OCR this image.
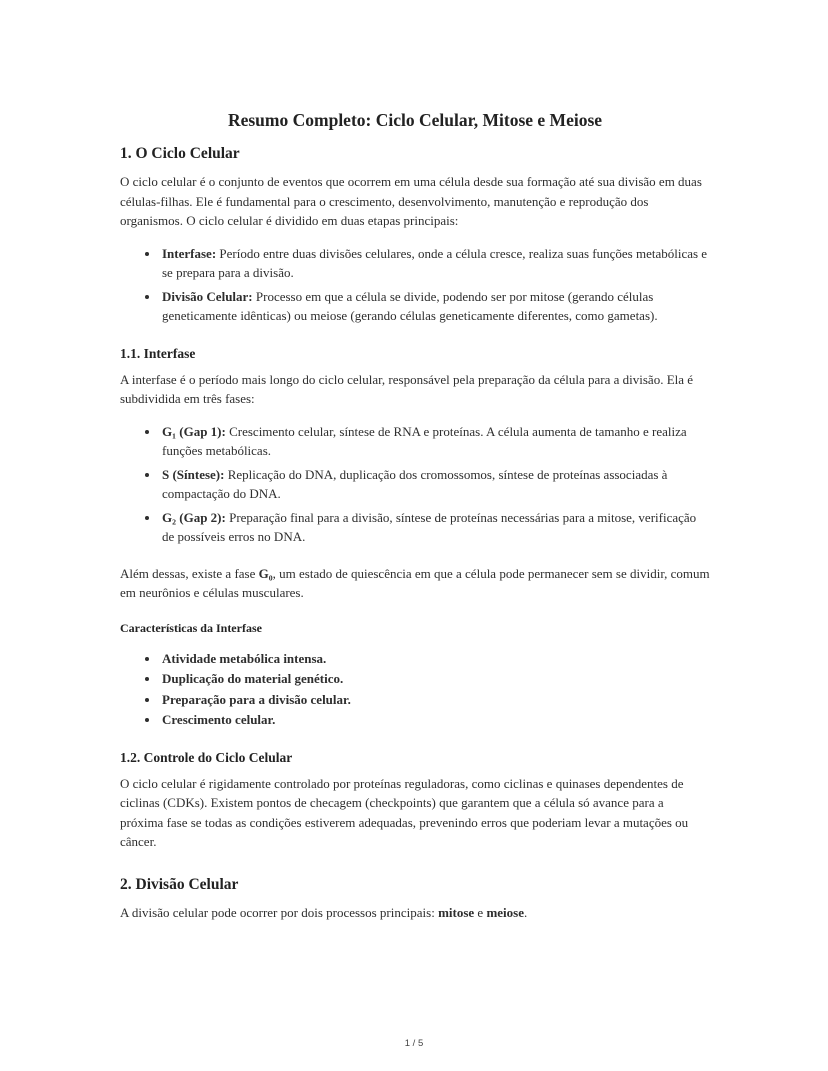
Resumo Completo: Ciclo Celular, Mitose e Meiose
1. O Ciclo Celular

O ciclo celular é o conjunto de eventos que ocorrem em uma célula desde sua formação até sua divisão em duas células-filhas. Ele é fundamental para o crescimento, desenvolvimento, manutenção e reprodução dos organismos. O ciclo celular é dividido em duas etapas principais:

• Interfase: Período entre duas divisões celulares, onde a célula cresce, realiza suas funções metabólicas e se prepara para a divisão.
• Divisão Celular: Processo em que a célula se divide, podendo ser por mitose (gerando células geneticamente idênticas) ou meiose (gerando células geneticamente diferentes, como gametas).
1.1. Interfase

A interfase é o período mais longo do ciclo celular, responsável pela preparação da célula para a divisão. Ela é subdividida em três fases:

• G₁ (Gap 1): Crescimento celular, síntese de RNA e proteínas. A célula aumenta de tamanho e realiza funções metabólicas.
• S (Síntese): Replicação do DNA, duplicação dos cromossomos, síntese de proteínas associadas à compactação do DNA.
• G₂ (Gap 2): Preparação final para a divisão, síntese de proteínas necessárias para a mitose, verificação de possíveis erros no DNA.

Além dessas, existe a fase G₀, um estado de quiescência em que a célula pode permanecer sem se dividir, comum em neurônios e células musculares.

Características da Interfase
• Atividade metabólica intensa.
• Duplicação do material genético.
• Preparação para a divisão celular.
• Crescimento celular.
1.2. Controle do Ciclo Celular

O ciclo celular é rigidamente controlado por proteínas reguladoras, como ciclinas e quinases dependentes de ciclinas (CDKs). Existem pontos de checagem (checkpoints) que garantem que a célula só avance para a próxima fase se todas as condições estiverem adequadas, prevenindo erros que poderiam levar a mutações ou câncer.

2. Divisão Celular

A divisão celular pode ocorrer por dois processos principais: mitose e meiose.

1 / 5
